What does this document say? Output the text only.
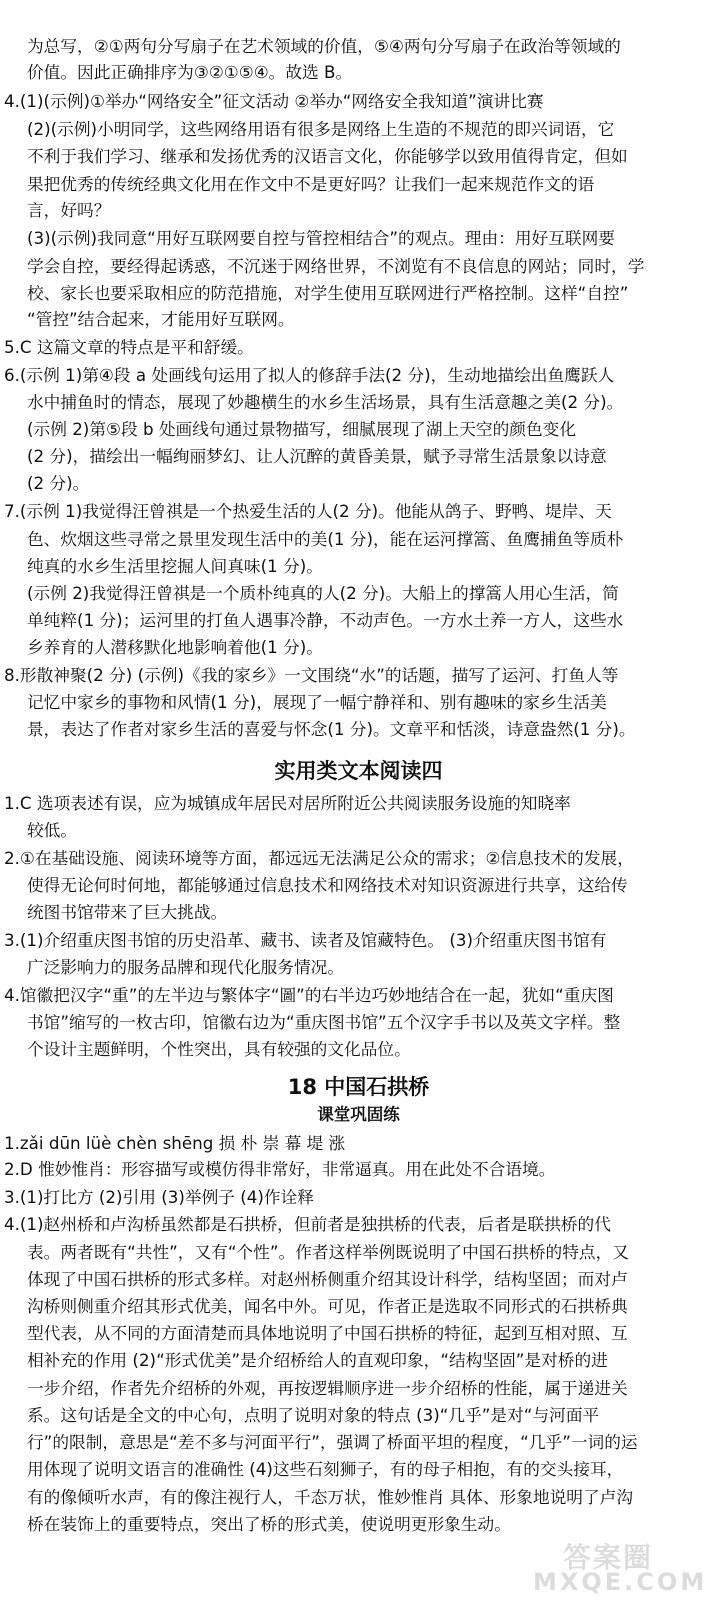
为总写，②①两句分写扇子在艺术领域的价值，⑤④两句分写扇子在政治等领域的
价值。因此正确排序为③②①⑤④。故选 B。
4.(1)(示例)①举办“网络安全”征文活动 ②举办“网络安全我知道”演讲比赛
(2)(示例)小明同学，这些网络用语有很多是网络上生造的不规范的即兴词语，它
不利于我们学习、继承和发扬优秀的汉语言文化，你能够学以致用值得肯定，但如
果把优秀的传统经典文化用在作文中不是更好吗？让我们一起来规范作文的语
言，好吗？
(3)(示例)我同意“用好互联网要自控与管控相结合”的观点。理由：用好互联网要
学会自控，要经得起诱惑，不沉迷于网络世界，不浏览有不良信息的网站；同时，学
校、家长也要采取相应的防范措施，对学生使用互联网进行严格控制。这样“自控”
“管控”结合起来，才能用好互联网。
5.C 这篇文章的特点是平和舒缓。
6.(示例 1)第④段 a 处画线句运用了拟人的修辞手法(2 分)，生动地描绘出鱼鹰跃人
水中捕鱼时的情态，展现了妙趣横生的水乡生活场景，具有生活意趣之美(2 分)。
(示例 2)第⑤段 b 处画线句通过景物描写，细腻展现了湖上天空的颜色变化
(2 分)，描绘出一幅绚丽梦幻、让人沉醉的黄昏美景，赋予寻常生活景象以诗意
(2 分)。
7.(示例 1)我觉得汪曾祺是一个热爱生活的人(2 分)。他能从鸽子、野鸭、堤岸、天
色、炊烟这些寻常之景里发现生活中的美(1 分)，能在运河撑篙、鱼鹰捕鱼等质朴
纯真的水乡生活里挖掘人间真味(1 分)。
(示例 2)我觉得汪曾祺是一个质朴纯真的人(2 分)。大船上的撑篙人用心生活，简
单纯粹(1 分)；运河里的打鱼人遇事冷静，不动声色。一方水土养一方人，这些水
乡养育的人潜移默化地影响着他(1 分)。
8.形散神聚(2 分) (示例)《我的家乡》一文围绕“水”的话题，描写了运河、打鱼人等
记忆中家乡的事物和风情(1 分)，展现了一幅宁静祥和、别有趣味的家乡生活美
景，表达了作者对家乡生活的喜爱与怀念(1 分)。文章平和恬淡，诗意盎然(1 分)。
实用类文本阅读四
1.C 选项表述有误，应为城镇成年居民对居所附近公共阅读服务设施的知晓率
较低。
2.①在基础设施、阅读环境等方面，都远远无法满足公众的需求；②信息技术的发展，
使得无论何时何地，都能够通过信息技术和网络技术对知识资源进行共享，这给传
统图书馆带来了巨大挑战。
3.(1)介绍重庆图书馆的历史沿革、藏书、读者及馆藏特色。 (3)介绍重庆图书馆有
广泛影响力的服务品牌和现代化服务情况。
4.馆徽把汉字“重”的左半边与繁体字“圖”的右半边巧妙地结合在一起，犹如“重庆图
书馆”缩写的一枚古印，馆徽右边为“重庆图书馆”五个汉字手书以及英文字样。整
个设计主题鲜明，个性突出，具有较强的文化品位。
18 中国石拱桥
课堂巩固练
1.zǎi dūn lüè chèn shēng 损 朴 崇 幕 堤 涨
2.D 惟妙惟肖：形容描写或模仿得非常好，非常逼真。用在此处不合语境。
3.(1)打比方 (2)引用 (3)举例子 (4)作诠释
4.(1)赵州桥和卢沟桥虽然都是石拱桥，但前者是独拱桥的代表，后者是联拱桥的代
表。两者既有“共性”，又有“个性”。作者这样举例既说明了中国石拱桥的特点，又
体现了中国石拱桥的形式多样。对赵州桥侧重介绍其设计科学，结构坚固；而对卢
沟桥则侧重介绍其形式优美，闻名中外。可见，作者正是选取不同形式的石拱桥典
型代表，从不同的方面清楚而具体地说明了中国石拱桥的特征，起到互相对照、互
相补充的作用 (2)“形式优美”是介绍桥给人的直观印象，“结构坚固”是对桥的进
一步介绍，作者先介绍桥的外观，再按逻辑顺序进一步介绍桥的性能，属于递进关
系。这句话是全文的中心句，点明了说明对象的特点 (3)“几乎”是对“与河面平
行”的限制，意思是“差不多与河面平行”，强调了桥面平坦的程度，“几乎”一词的运
用体现了说明文语言的准确性 (4)这些石刻狮子，有的母子相抱，有的交头接耳，
有的像倾听水声，有的像注视行人，千态万状，惟妙惟肖 具体、形象地说明了卢沟
桥在装饰上的重要特点，突出了桥的形式美，使说明更形象生动。
答案圈
MXQE.COM
